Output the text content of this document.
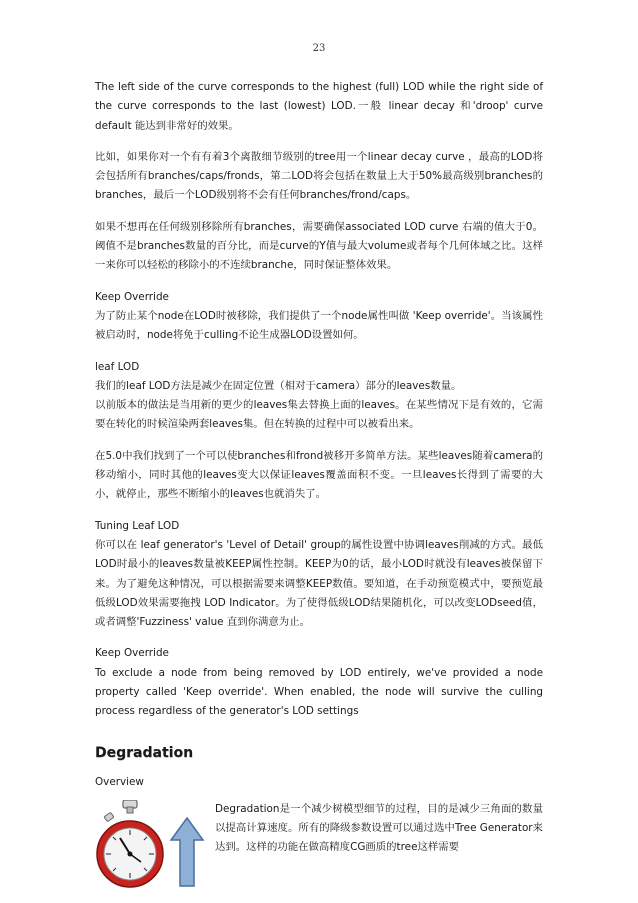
23

The left side of the curve corresponds to the highest (full) LOD while the right side of the curve corresponds to the last (lowest) LOD.一般 linear decay 和'droop' curve default 能达到非常好的效果。

比如，如果你对一个有有着3个离散细节级别的tree用一个linear decay curve ，最高的LOD将会包括所有branches/caps/fronds，第二LOD将会包括在数量上大于50%最高级别branches的branches，最后一个LOD级别将不会有任何branches/frond/caps。

如果不想再在任何级别移除所有branches，需要确保associated LOD curve 右端的值大于0。阈值不是branches数量的百分比，而是curve的Y值与最大volume或者每个几何体域之比。这样一来你可以轻松的移除小的不连续branche，同时保证整体效果。

Keep Override

为了防止某个node在LOD时被移除，我们提供了一个node属性叫做 'Keep override'。当该属性被启动时，node将免于culling不论生成器LOD设置如何。

leaf LOD

我们的leaf LOD方法是减少在固定位置（相对于camera）部分的leaves数量。

以前版本的做法是当用新的更少的leaves集去替换上面的leaves。在某些情况下是有效的，它需要在转化的时候渲染两套leaves集。但在转换的过程中可以被看出来。

在5.0中我们找到了一个可以使branches和frond被移开多简单方法。某些leaves随着camera的移动缩小，同时其他的leaves变大以保证leaves覆盖面积不变。一旦leaves长得到了需要的大小，就停止，那些不断缩小的leaves也就消失了。

Tuning Leaf LOD

你可以在 leaf generator's 'Level of Detail' group的属性设置中协调leaves削减的方式。最低LOD时最小的leaves数量被KEEP属性控制。KEEP为0的话，最小LOD时就没有leaves被保留下来。为了避免这种情况，可以根据需要来调整KEEP数值。要知道，在手动预览模式中，要预览最低级LOD效果需要拖拽 LOD Indicator。为了使得低级LOD结果随机化，可以改变LODseed值，或者调整'Fuzziness' value 直到你满意为止。

Keep Override

To exclude a node from being removed by LOD entirely, we've provided a node property called 'Keep override'. When enabled, the node will survive the culling process regardless of the generator's LOD settings

Degradation

Overview

Degradation是一个减少树模型细节的过程，目的是减少三角面的数量以提高计算速度。所有的降级参数设置可以通过选中Tree Generator来达到。这样的功能在做高精度CG画质的tree这样需要
